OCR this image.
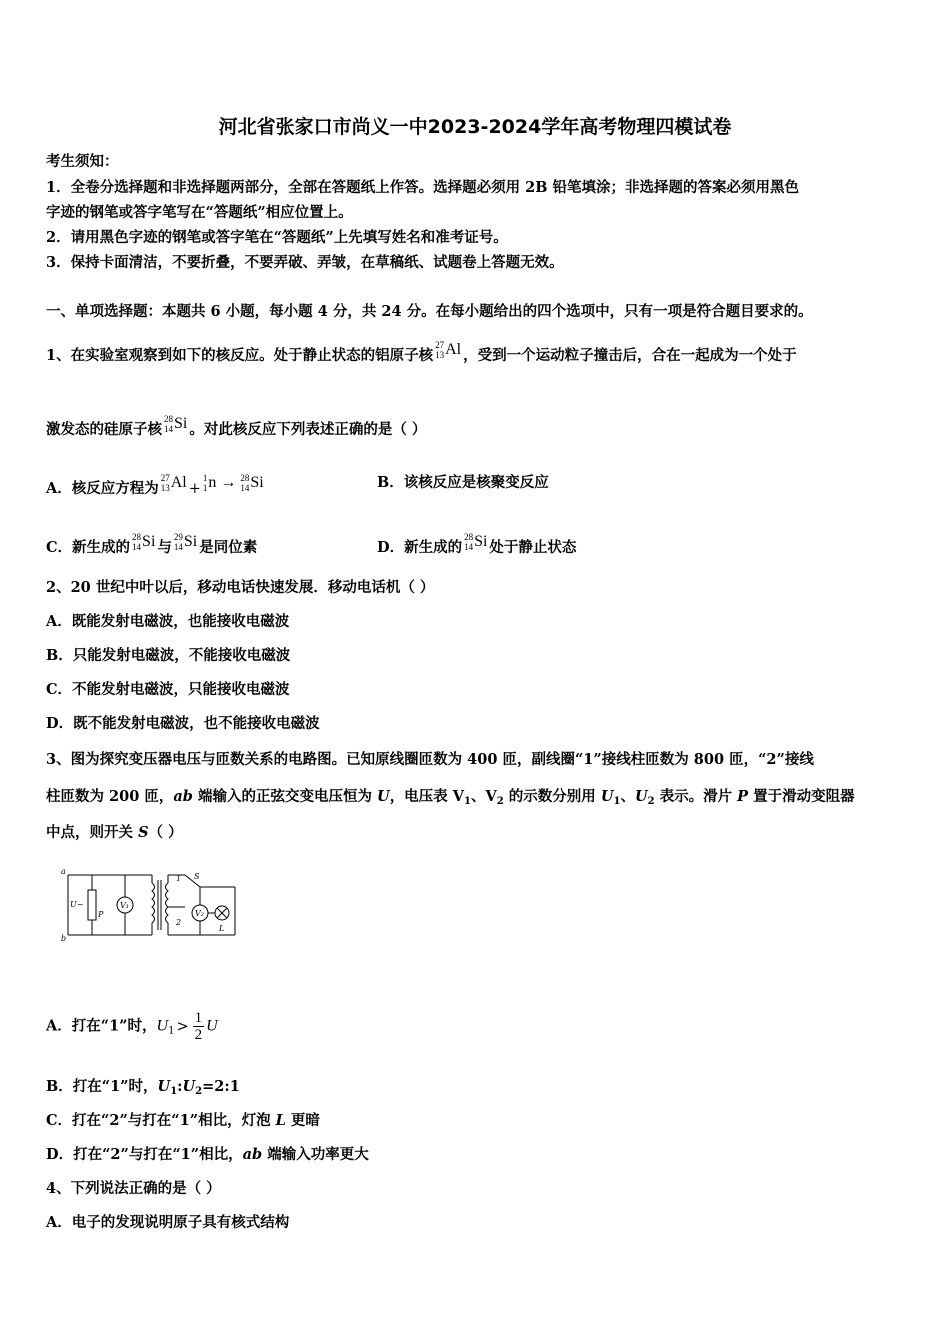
河北省张家口市尚义一中2023-2024学年高考物理四模试卷
考生须知：
1．全卷分选择题和非选择题两部分，全部在答题纸上作答。选择题必须用 2B 铅笔填涂；非选择题的答案必须用黑色
字迹的钢笔或答字笔写在“答题纸”相应位置上。
2．请用黑色字迹的钢笔或答字笔在“答题纸”上先填写姓名和准考证号。
3．保持卡面清洁，不要折叠，不要弄破、弄皱，在草稿纸、试题卷上答题无效。
一、单项选择题：本题共 6 小题，每小题 4 分，共 24 分。在每小题给出的四个选项中，只有一项是符合题目要求的。
1、在实验室观察到如下的核反应。处于静止状态的铝原子核
27
13 Al ，受到一个运动粒子撞击后，合在一起成为一个处于
激发态的硅原子核
28
14 Si 。对此核反应下列表述正确的是（ ）
A．核反应方程为
27
13 Al +
1
1 n → 28
14 Si	B．该核反应是核聚变反应
C．新生成的
28
14 Si 与
29
14 Si 是同位素	D．新生成的
28
14 Si 处于静止状态
2、20 世纪中叶以后，移动电话快速发展．移动电话机（ ）
A．既能发射电磁波，也能接收电磁波
B．只能发射电磁波，不能接收电磁波
C．不能发射电磁波，只能接收电磁波
D．既不能发射电磁波，也不能接收电磁波
3、图为探究变压器电压与匝数关系的电路图。已知原线圈匝数为 400 匝，副线圈“1”接线柱匝数为 800 匝，“2”接线
柱匝数为 200 匝，ab 端输入的正弦交变电压恒为 U，电压表 $V_1$、$V_2$ 的示数分别用 $U_1$、$U_2$ 表示。滑片 P 置于滑动变阻器
中点，则开关 S（ ）
a
b
U~
P
V₁
V₂
1
2
S
L
A．打在“1”时，$U_1 > \frac{1}{2}$ U
B．打在“1”时，$U_1:U_2=2:1$
C．打在“2”与打在“1”相比，灯泡 L 更暗
D．打在“2”与打在“1”相比，ab 端输入功率更大
4、下列说法正确的是（ ）
A．电子的发现说明原子具有核式结构
